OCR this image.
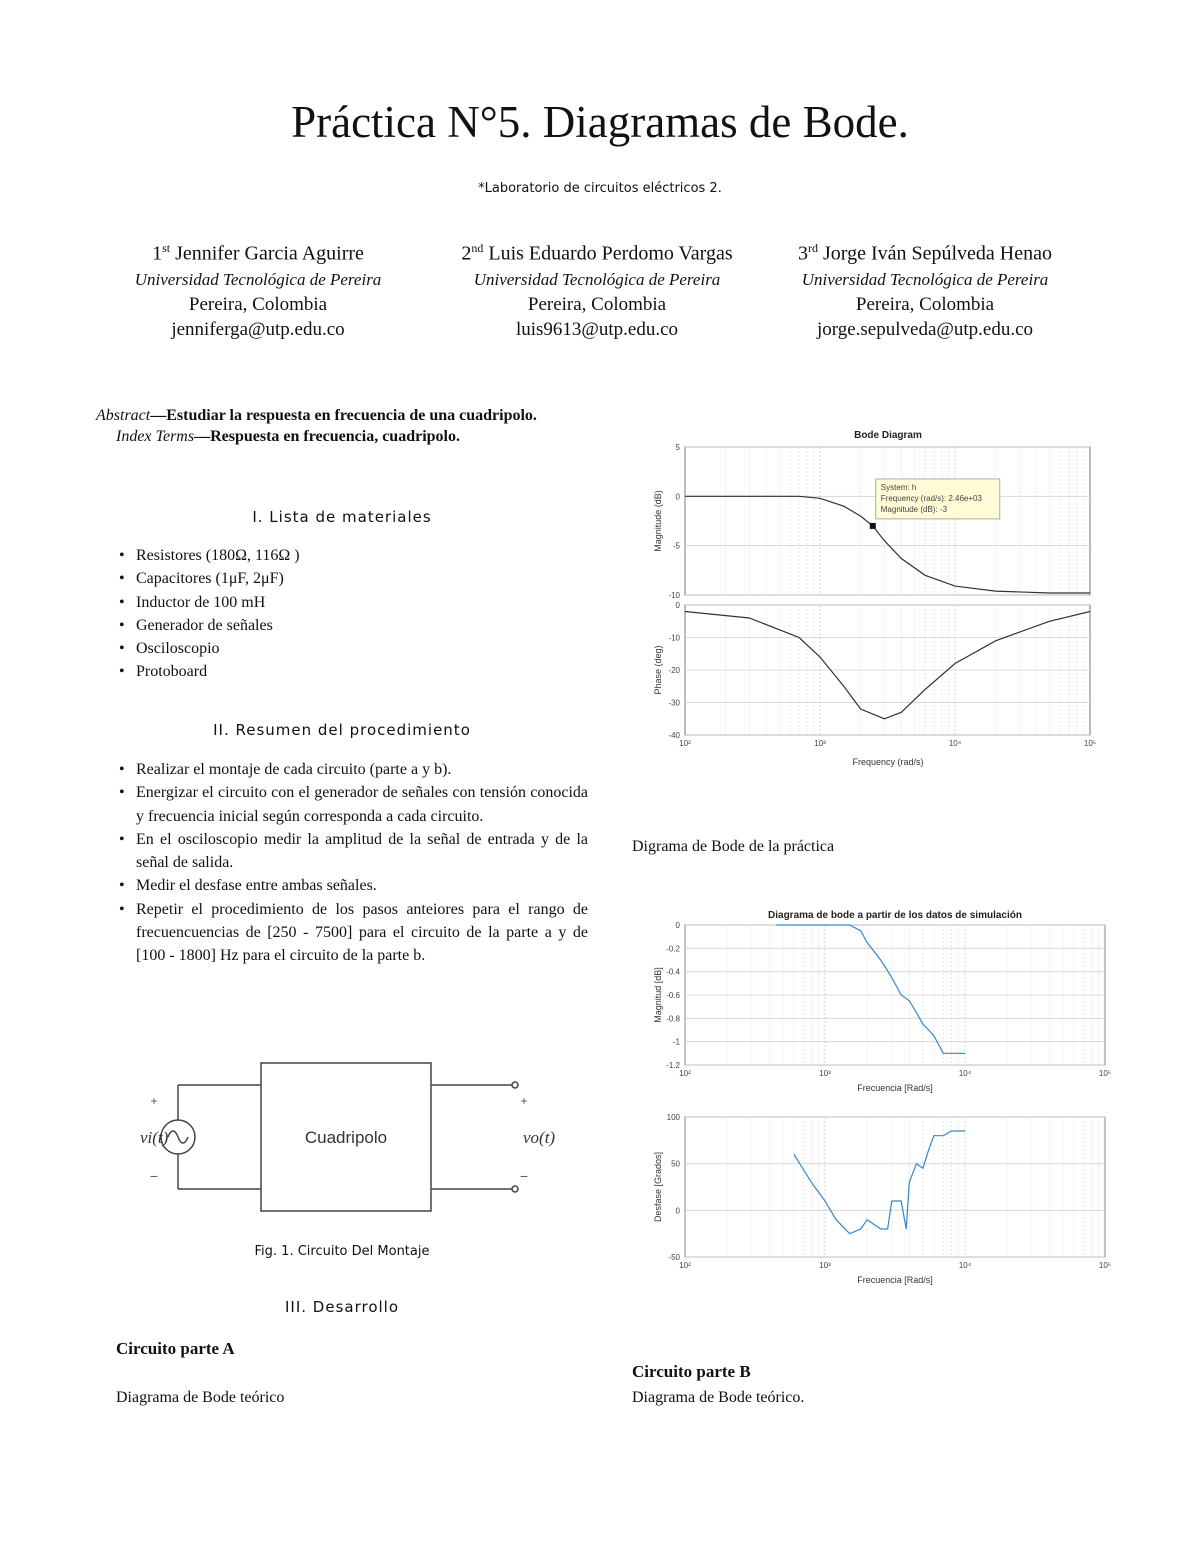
Práctica N°5. Diagramas de Bode.
*Laboratorio de circuitos eléctricos 2.
1st Jennifer Garcia Aguirre
Universidad Tecnológica de Pereira
Pereira, Colombia
jenniferga@utp.edu.co
2nd Luis Eduardo Perdomo Vargas
Universidad Tecnológica de Pereira
Pereira, Colombia
luis9613@utp.edu.co
3rd Jorge Iván Sepúlveda Henao
Universidad Tecnológica de Pereira
Pereira, Colombia
jorge.sepulveda@utp.edu.co

Abstract—Estudiar la respuesta en frecuencia de una cuadripolo.

Index Terms—Respuesta en frecuencia, cuadripolo.

I. Lista de materiales
• Resistores (180Ω, 116Ω )
• Capacitores (1μF, 2μF)
• Inductor de 100 mH
• Generador de señales
• Osciloscopio
• Protoboard
II. Resumen del procedimiento
• Realizar el montaje de cada circuito (parte a y b).
• Energizar el circuito con el generador de señales con tensión conocida y frecuencia inicial según corresponda a cada circuito.
• En el osciloscopio medir la amplitud de la señal de entrada y de la señal de salida.
• Medir el desfase entre ambas señales.
• Repetir el procedimiento de los pasos anteiores para el rango de frecuencuencias de [250 - 7500] para el circuito de la parte a y de [100 - 1800] Hz para el circuito de la parte b.
Cuadripolo
+
−
vi(t)
+
−
vo(t)
Fig. 1. Circuito Del Montaje
III. Desarrollo
Circuito parte A
Diagrama de Bode teórico
Bode Diagram
5
0
-5
-10
Magnitude (dB)
0
-10
-20
-30
-40
Phase (deg)
10²	10³	10⁴	10⁵
Frequency (rad/s)
System: h
Frequency (rad/s): 2.46e+03
Magnitude (dB): -3
Digrama de Bode de la práctica
Diagrama de bode a partir de los datos de simulación
0
-0.2
-0.4
-0.6
-0.8
-1
-1.2
Magnitud [dB]
10²	10³	10⁴	10⁵
Frecuencia [Rad/s]
100
50
0
-50
Desfase [Grados]
10²	10³	10⁴	10⁵
Frecuencia [Rad/s]
Circuito parte B
Diagrama de Bode teórico.
